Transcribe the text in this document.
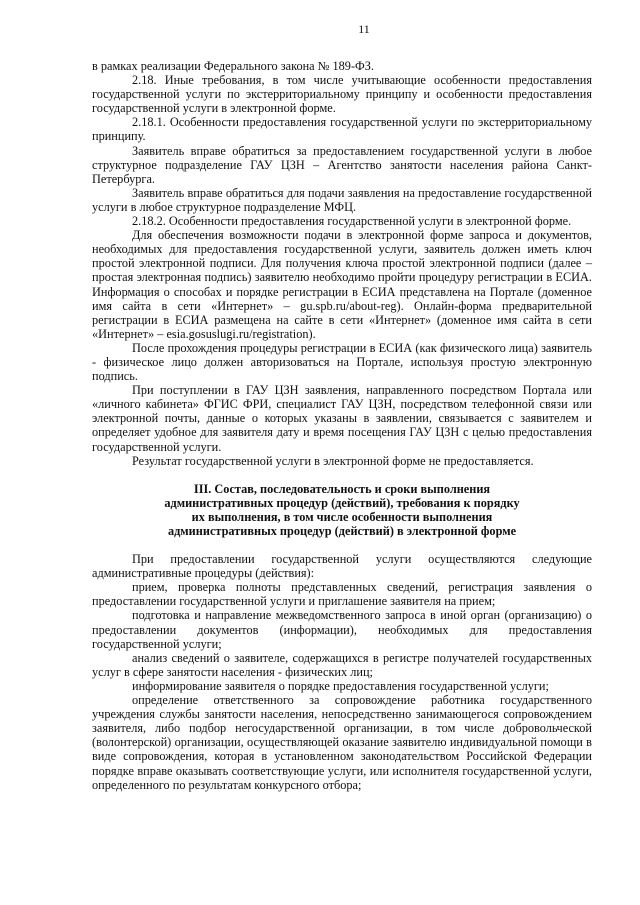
11

в рамках реализации Федерального закона № 189-ФЗ.

2.18. Иные требования, в том числе учитывающие особенности предоставления государственной услуги по экстерриториальному принципу и особенности предоставления государственной услуги в электронной форме.

2.18.1. Особенности предоставления государственной услуги по экстерриториальному принципу.

Заявитель вправе обратиться за предоставлением государственной услуги в любое структурное подразделение ГАУ ЦЗН – Агентство занятости населения района Санкт-Петербурга.

Заявитель вправе обратиться для подачи заявления на предоставление государственной услуги в любое структурное подразделение МФЦ.

2.18.2. Особенности предоставления государственной услуги в электронной форме.

Для обеспечения возможности подачи в электронной форме запроса и документов, необходимых для предоставления государственной услуги, заявитель должен иметь ключ простой электронной подписи. Для получения ключа простой электронной подписи (далее – простая электронная подпись) заявителю необходимо пройти процедуру регистрации в ЕСИА. Информация о способах и порядке регистрации в ЕСИА представлена на Портале (доменное имя сайта в сети «Интернет» – gu.spb.ru/about-reg). Онлайн-форма предварительной регистрации в ЕСИА размещена на сайте в сети «Интернет» (доменное имя сайта в сети «Интернет» – esia.gosuslugi.ru/registration).

После прохождения процедуры регистрации в ЕСИА (как физического лица) заявитель - физическое лицо должен авторизоваться на Портале, используя простую электронную подпись.

При поступлении в ГАУ ЦЗН заявления, направленного посредством Портала или «личного кабинета» ФГИС ФРИ, специалист ГАУ ЦЗН, посредством телефонной связи или электронной почты, данные о которых указаны в заявлении, связывается с заявителем и определяет удобное для заявителя дату и время посещения ГАУ ЦЗН с целью предоставления государственной услуги.

Результат государственной услуги в электронной форме не предоставляется.

III. Состав, последовательность и сроки выполнения
административных процедур (действий), требования к порядку
их выполнения, в том числе особенности выполнения
административных процедур (действий) в электронной форме

При предоставлении государственной услуги осуществляются следующие административные процедуры (действия):

прием, проверка полноты представленных сведений, регистрация заявления о предоставлении государственной услуги и приглашение заявителя на прием;

подготовка и направление межведомственного запроса в иной орган (организацию) о предоставлении документов (информации), необходимых для предоставления государственной услуги;

анализ сведений о заявителе, содержащихся в регистре получателей государственных услуг в сфере занятости населения - физических лиц;

информирование заявителя о порядке предоставления государственной услуги;

определение ответственного за сопровождение работника государственного учреждения службы занятости населения, непосредственно занимающегося сопровождением заявителя, либо подбор негосударственной организации, в том числе добровольческой (волонтерской) организации, осуществляющей оказание заявителю индивидуальной помощи в виде сопровождения, которая в установленном законодательством Российской Федерации порядке вправе оказывать соответствующие услуги, или исполнителя государственной услуги, определенного по результатам конкурсного отбора;
